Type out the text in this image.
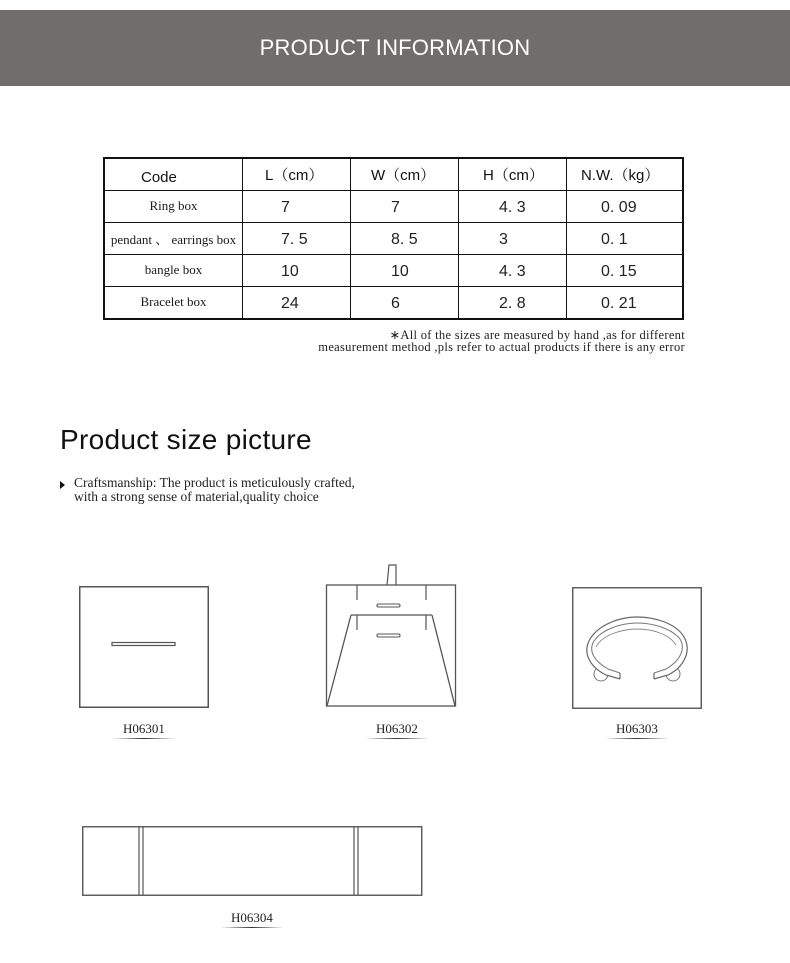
PRODUCT INFORMATION
Code	L（cm）	W（cm）	H（cm）	N.W.（kg）
Ring box	7	7	4. 3	0. 09
pendant 、 earrings box	7. 5	8. 5	3	0. 1
bangle box	10	10	4. 3	0. 15
Bracelet box	24	6	2. 8	0. 21
∗All of the sizes are measured by hand ,as for different
measurement method ,pls refer to actual products if there is any error
Product size picture
Craftsmanship: The product is meticulously crafted,
with a strong sense of material,quality choice
H06301	H06302	H06303
H06304
